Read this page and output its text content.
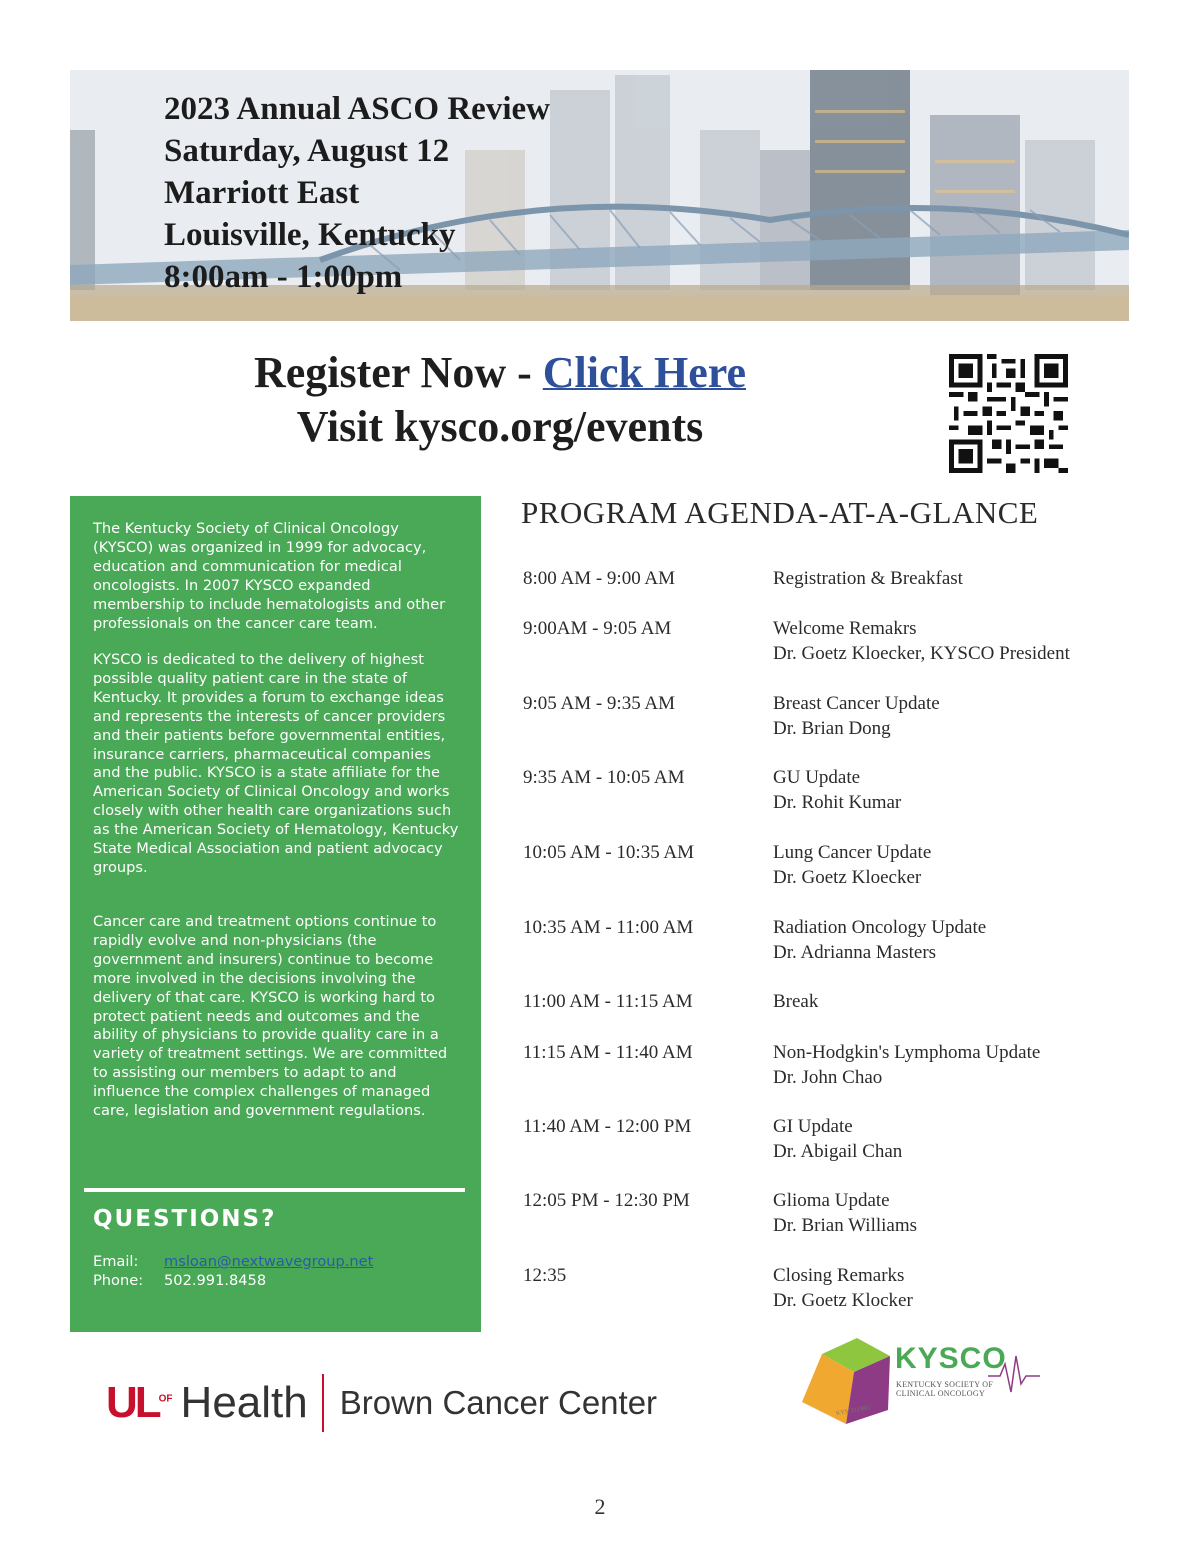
2023 Annual ASCO Review
Saturday, August 12
Marriott East
Louisville, Kentucky
8:00am - 1:00pm
Register Now - Click Here
Visit kysco.org/events
The Kentucky Society of Clinical Oncology (KYSCO) was organized in 1999 for advocacy, education and communication for medical oncologists. In 2007 KYSCO expanded membership to include hematologists and other professionals on the cancer care team.
KYSCO is dedicated to the delivery of highest possible quality patient care in the state of Kentucky. It provides a forum to exchange ideas and represents the interests of cancer providers and their patients before governmental entities, insurance carriers, pharmaceutical companies and the public. KYSCO is a state affiliate for the American Society of Clinical Oncology and works closely with other health care organizations such as the American Society of Hematology, Kentucky State Medical Association and patient advocacy groups.
Cancer care and treatment options continue to rapidly evolve and non-physicians (the government and insurers) continue to become more involved in the decisions involving the delivery of that care. KYSCO is working hard to protect patient needs and outcomes and the ability of physicians to provide quality care in a variety of treatment settings. We are committed to assisting our members to adapt to and influence the complex challenges of managed care, legislation and government regulations.
QUESTIONS?
Email: msloan@nextwavegroup.net
Phone: 502.991.8458
PROGRAM AGENDA-AT-A-GLANCE
8:00 AM - 9:00 AM	Registration & Breakfast
9:00AM - 9:05 AM	Welcome Remakrs
Dr. Goetz Kloecker, KYSCO President
9:05 AM - 9:35 AM	Breast Cancer Update
Dr. Brian Dong
9:35 AM - 10:05 AM	GU Update
Dr. Rohit Kumar
10:05 AM - 10:35 AM	Lung Cancer Update
Dr. Goetz Kloecker
10:35 AM - 11:00 AM	Radiation Oncology Update
Dr. Adrianna Masters
11:00 AM - 11:15 AM	Break
11:15 AM - 11:40 AM	Non-Hodgkin's Lymphoma Update
Dr. John Chao
11:40 AM - 12:00 PM	GI Update
Dr. Abigail Chan
12:05 PM - 12:30 PM	Glioma Update
Dr. Brian Williams
12:35	Closing Remarks
Dr. Goetz Klocker
$UL^{OF}$ Health Brown Cancer Center
KYSCO
KENTUCKY SOCIETY OF
CLINICAL ONCOLOGY
KYSCO.ORG
2
